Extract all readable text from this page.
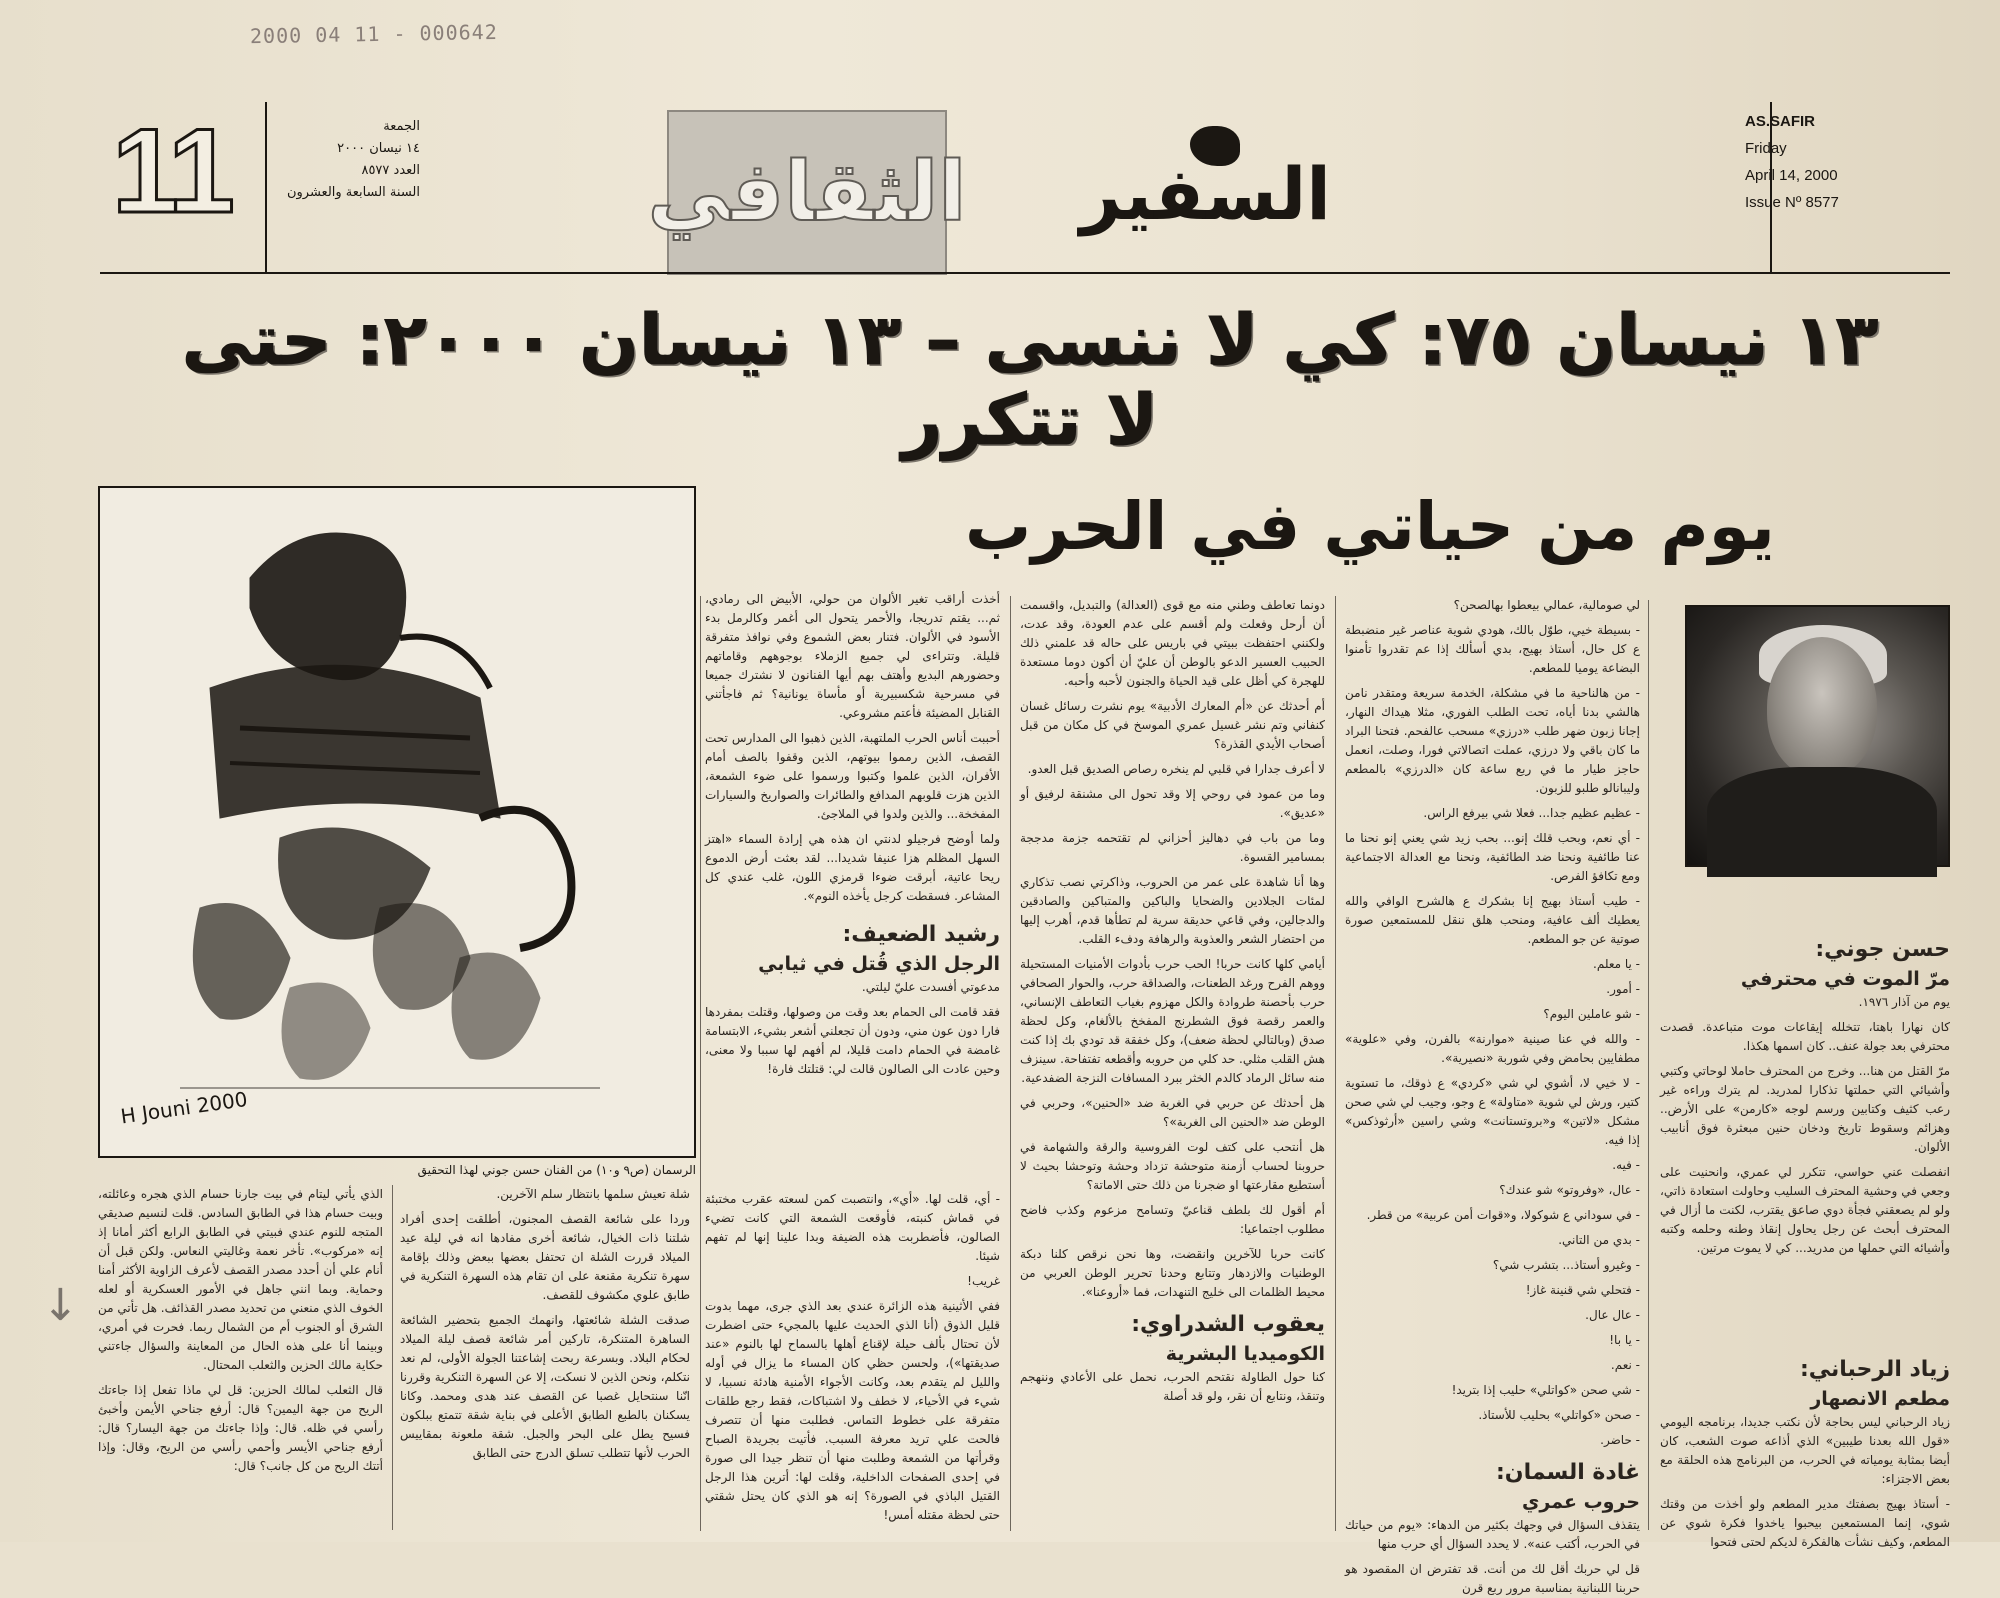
2000 04 11 - 000642
11	الجمعة
١٤ نيسان ٢٠٠٠
العدد ٨٥٧٧
السنة السابعة والعشرون	الثقافي السفير
AS.SAFIR
Friday
April 14, 2000
Issue Nº 8577
١٣ نيسان ٧٥: كي لا ننسى – ١٣ نيسان ٢٠٠٠: حتى لا تتكرر
يوم من حياتي في الحرب
H Jouni 2000
الرسمان (ص٩ و١٠) من الفنان حسن جوني لهذا التحقيق
حسن جوني:
مرّ الموت في محترفي

يوم من آذار ١٩٧٦.

كان نهارا باهتا، تتخلله إيقاعات موت متباعدة. قصدت محترفي بعد جولة عنف.. كان اسمها هكذا.

مرّ القتل من هنا... وخرج من المحترف حاملا لوحاتي وكتبي وأشيائي التي حملتها تذكارا لمدريد. لم يترك وراءه غير رعب كثيف وكتابين ورسم لوجه «كارمن» على الأرض.. وهزائم وسقوط تاريخ ودخان حنين مبعثرة فوق أنابيب الألوان.

انفصلت عني حواسي، تتكرر لي عمري، وانحنيت على وجعي في وحشية المحترف السليب وحاولت استعادة ذاتي، ولو لم يصعقني فجأة دوي صاعق يقترب، لكنت ما أزال في المحترف أبحث عن رجل يحاول إنقاذ وطنه وحلمه وكتبه وأشيائه التي حملها من مدريد... كي لا يموت مرتين.

زياد الرحباني:
مطعم الانصهار

زياد الرحباني ليس بحاجة لأن نكتب جديدا، برنامجه اليومي «قول الله بعدنا طيبين» الذي أذاعه صوت الشعب، كان أيضا بمثابة يومياته في الحرب، من البرنامج هذه الحلقة مع بعض الاجتزاء:

- أستاذ بهيج بصفتك مدير المطعم ولو أخذت من وقتك شوي، إنما المستمعين بيحبوا ياخدوا فكرة شوي عن المطعم، وكيف نشأت هالفكرة لديكم لحتى فتحوا

لي صومالية، عمالي بيعطوا بهالصحن؟

- بسيطة خيي، طوّل بالك، هودي شوية عناصر غير منضبطة ع كل حال، أستاذ بهيج، بدي أسألك إذا عم تقدروا تأمنوا البضاعة يوميا للمطعم.

- من هالناحية ما في مشكلة، الخدمة سريعة ومتقدر نامن هالشي بدنا أياه، تحت الطلب الفوري، مثلا هيداك النهار، إجانا زبون ضهر طلب «درزي» مسحب عالفحم. فتحنا البراد ما كان باقي ولا درزي، عملت اتصالاتي فورا، وصلت، انعمل حاجز طيار ما في ربع ساعة كان «الدرزي» بالمطعم وليبانالو طلبو للزبون.

- عظيم عظيم جدا... فعلا شي بيرفع الراس.

- أي نعم، وبحب قلك إنو... بحب زيد شي يعني إنو نحنا ما عنا طائفية ونحنا ضد الطائفية، ونحنا مع العدالة الاجتماعية ومع تكافؤ الفرص.

- طيب أستاذ بهيج إنا بشكرك ع هالشرح الوافي والله يعطيك ألف عافية، ومنحب هلق ننقل للمستمعين صورة صوتية عن جو المطعم.

- يا معلم.

- أمور.

- شو عاملين اليوم؟

- والله في عنا صينية «موارنة» بالفرن، وفي «علوية» مطفايين بحامض وفي شوربة «نصيرية».

- لا خيي لا، أشوي لي شي «كردي» ع ذوقك، ما تستوية كتير، ورش لي شوية «متاولة» ع وجو، وجيب لي شي صحن مشكل «لاتين» و«بروتستانت» وشي راسين «أرثوذكس» إذا فيه.

- فيه.

- عال، «وفروتو» شو عندك؟

- في سوداني ع شوكولا، و«قوات أمن عربية» من قطر.

- بدي من التاني.

- وغيرو أستاذ... بتشرب شي؟

- فتحلي شي قنينة غاز!

- عال عال.

- يا با!

- نعم.

- شي صحن «كواتلي» حليب إذا بتريد!

- صحن «كواتلي» بحليب للأستاذ.

- حاضر.

غادة السمان:
حروب عمري

يتقذف السؤال في وجهك بكثير من الدهاء: «يوم من حياتك في الحرب، أكتب عنه». لا يحدد السؤال أي حرب منها

قل لي حربك أقل لك من أنت. قد تفترض ان المقصود هو حربنا اللبنانية بمناسبة مرور ربع قرن

دونما تعاطف وطني منه مع قوى (العدالة) والتبديل، واقسمت أن أرحل وفعلت ولم أقسم على عدم العودة، وقد عدت، ولكنني احتفظت ببيتي في باريس على حاله قد علمني ذلك الحبيب العسير الدعو بالوطن أن عليّ أن أكون دوما مستعدة للهجرة كي أظل على قيد الحياة والجنون لأحبه وأحبه.

أم أحدثك عن «أم المعارك الأدبية» يوم نشرت رسائل غسان كنفاني وتم نشر غسيل عمري الموسخ في كل مكان من قبل أصحاب الأيدي القذرة؟

لا أعرف جدارا في قلبي لم ينخره رصاص الصديق قبل العدو.

وما من عمود في روحي إلا وقد تحول الى مشنقة لرفيق أو «عديق».

وما من باب في دهاليز أحزاني لم تقتحمه جزمة مدججة بمسامير القسوة.

وها أنا شاهدة على عمر من الحروب، وذاكرتي نصب تذكاري لمئات الجلادين والضحايا والباكين والمتباكين والصادقين والدجالين، وفي قاعي حديقة سرية لم تطأها قدم، أهرب إليها من احتضار الشعر والعذوبة والرهافة ودفء القلب.

أيامي كلها كانت حربا! الحب حرب بأدوات الأمنيات المستحيلة ووهم الفرح ورغد الطعنات، والصداقة حرب، والحوار الصحافي حرب بأحصنة طروادة والكل مهزوم بغياب التعاطف الإنساني، والعمر رقصة فوق الشطرنج المفخخ بالألغام، وكل لحظة صدق (وبالتالي لحظة ضعف)، وكل خفقة قد تودي بك إذا كنت هش القلب مثلي. حد كلي من حروبه وأقطعه تفتفاحة. سينزف منه سائل الرماد كالدم الخثر ببرد المسافات النزجة الضفدعية.

هل أحدثك عن حربي في الغربة ضد «الحنين»، وحربي في الوطن ضد «الحنين الى الغربة»؟

هل أنتحب على كتف لوت الفروسية والرقة والشهامة في حروبنا لحساب أزمنة متوحشة تزداد وحشة وتوحشا بحيث لا أستطيع مقارعتها او ضجرنا من ذلك حتى الاماتة؟

أم أقول لك بلطف قناعيّ وتسامح مزعوم وكذب فاضح مطلوب اجتماعيا:

كانت حربا للآخرين وانقضت، وها نحن نرقص كلنا دبكة الوطنيات والازدهار وتتابع وحدنا تحرير الوطن العربي من محيط الظلمات الى خليج التنهدات، فما «أروعنا».

يعقوب الشدراوي:
الكوميديا البشرية

كنا حول الطاولة نقتحم الحرب، نحمل على الأعادي وننهجم وتنقذ، ونتابع أن نقر، ولو قد أصلة

أخذت أراقب تغير الألوان من حولي، الأبيض الى رمادي، ثم... يقتم تدريجا، والأحمر يتحول الى أغمر وكالرمل بدء الأسود في الألوان. فتنار بعض الشموع وفي نوافذ متفرقة قليلة. وتتراءى لي جميع الزملاء بوجوههم وقاماتهم وحضورهم البديع وأهتف بهم أيها الفنانون لا نشترك جميعا في مسرحية شكسبيرية أو مأساة يونانية؟ ثم فاجأتني القنابل المضيئة فأعتم مشروعي.

أحببت أناس الحرب الملتهبة، الذين ذهبوا الى المدارس تحت القصف، الذين رمموا بيوتهم، الذين وقفوا بالصف أمام الأفران، الذين علموا وكتبوا ورسموا على ضوء الشمعة، الذين هزت قلوبهم المدافع والطائرات والصواريخ والسيارات المفخخة... والذين ولدوا في الملاجئ.

ولما أوضح فرجيلو لدنتي ان هذه هي إرادة السماء «اهتز السهل المظلم هزا عنيفا شديدا... لقد بعثت أرض الدموع ريحا عاتية، أبرقت ضوءا قرمزي اللون، غلب عندي كل المشاعر. فسقطت كرجل يأخذه النوم».

رشيد الضعيف:
الرجل الذي قُتل في ثيابي

مدعوتي أفسدت عليّ ليلتي.

فقد قامت الى الحمام بعد وقت من وصولها، وقتلت بمفردها فارا دون عون مني، ودون أن تجعلني أشعر بشيء، الابتسامة غامضة في الحمام دامت قليلا، لم أفهم لها سببا ولا معنى، وحين عادت الى الصالون قالت لي: قتلتك فارة!

- أي، قلت لها. «أي»، وانتصبت كمن لسعته عقرب مختبئة في قماش كنبته، فأوقعت الشمعة التي كانت تضيء الصالون، فأضطربت هذه الضيفة وبدا علينا إنها لم تفهم شيئا.

غريب!

ففي الأثينية هذه الزائرة عندي بعد الذي جرى، مهما بدوت قليل الذوق (أنا الذي الحديث عليها بالمجيء حتى اضطرت لأن تحتال بألف حيلة لإقناع أهلها بالسماح لها بالنوم «عند صديقتها»)، ولحسن حظي كان المساء ما يزال في أوله والليل لم يتقدم بعد، وكانت الأجواء الأمنية هادئة نسبيا، لا شيء في الأحياء، لا خطف ولا اشتباكات، فقط رجع طلقات متفرقة على خطوط التماس. فطلبت منها أن تتصرف فالحت علي تريد معرفة السبب. فأتيت بجريدة الصباح وقرأتها من الشمعة وطلبت منها أن تنظر جيدا الى صورة في إحدى الصفحات الداخلية، وقلت لها: أترين هذا الرجل القتيل الباذي في الصورة؟ إنه هو الذي كان يحتل شقتي حتى لحظة مقتله أمس!

شلة تعيش سلمها بانتظار سلم الآخرين.

وردا على شائعة القصف المجنون، أطلقت إحدى أفراد شلتنا ذات الخيال، شائعة أخرى مفادها انه في ليلة عيد الميلاد قررت الشلة ان تحتفل بعضها ببعض وذلك بإقامة سهرة تنكرية مقنعة على ان تقام هذه السهرة التنكرية في طابق علوي مكشوف للقصف.

صدقت الشلة شائعتها، وانهمك الجميع بتحضير الشائعة الساهرة المتنكرة، تاركين أمر شائعة قصف ليلة الميلاد لحكام البلاد. وبسرعة ربحت إشاعتنا الجولة الأولى، لم نعد نتكلم، ونحن الذين لا نسكت، إلا عن السهرة التنكرية وقررنا انّنا سنتحايل غصبا عن القصف عند هدى ومحمد. وكانا يسكنان بالطبع الطابق الأعلى في بناية شقة تتمتع ببلكون فسيح يطل على البحر والجبل. شقة ملعونة بمقاييس الحرب لأنها تتطلب تسلق الدرج حتى الطابق

الذي يأتي ليتام في بيت جارنا حسام الذي هجره وعائلته، وبيت حسام هذا في الطابق السادس. قلت لنسيم صديقي المتجه للنوم عندي فبيتي في الطابق الرابع أكثر أمانا إذ إنه «مركوب». تأخر نعمة وغاليتي النعاس. ولكن قبل أن أنام علي أن أحدد مصدر القصف لأعرف الزاوية الأكثر أمنا وحماية. وبما انني جاهل في الأمور العسكرية أو لعله الخوف الذي منعني من تحديد مصدر القذائف. هل تأتي من الشرق أو الجنوب أم من الشمال ربما. فحرت في أمري، وبينما أنا على هذه الحال من المعاينة والسؤال جاءتني حكاية مالك الحزين والثعلب المحتال.

قال الثعلب لمالك الحزين: قل لي ماذا تفعل إذا جاءتك الريح من جهة اليمين؟ قال: أرفع جناحي الأيمن وأخبئ رأسي في ظله. قال: وإذا جاءتك من جهة اليسار؟ قال: أرفع جناحي الأيسر وأحمي رأسي من الريح، وقال: وإذا أتتك الريح من كل جانب؟ قال:

↓
